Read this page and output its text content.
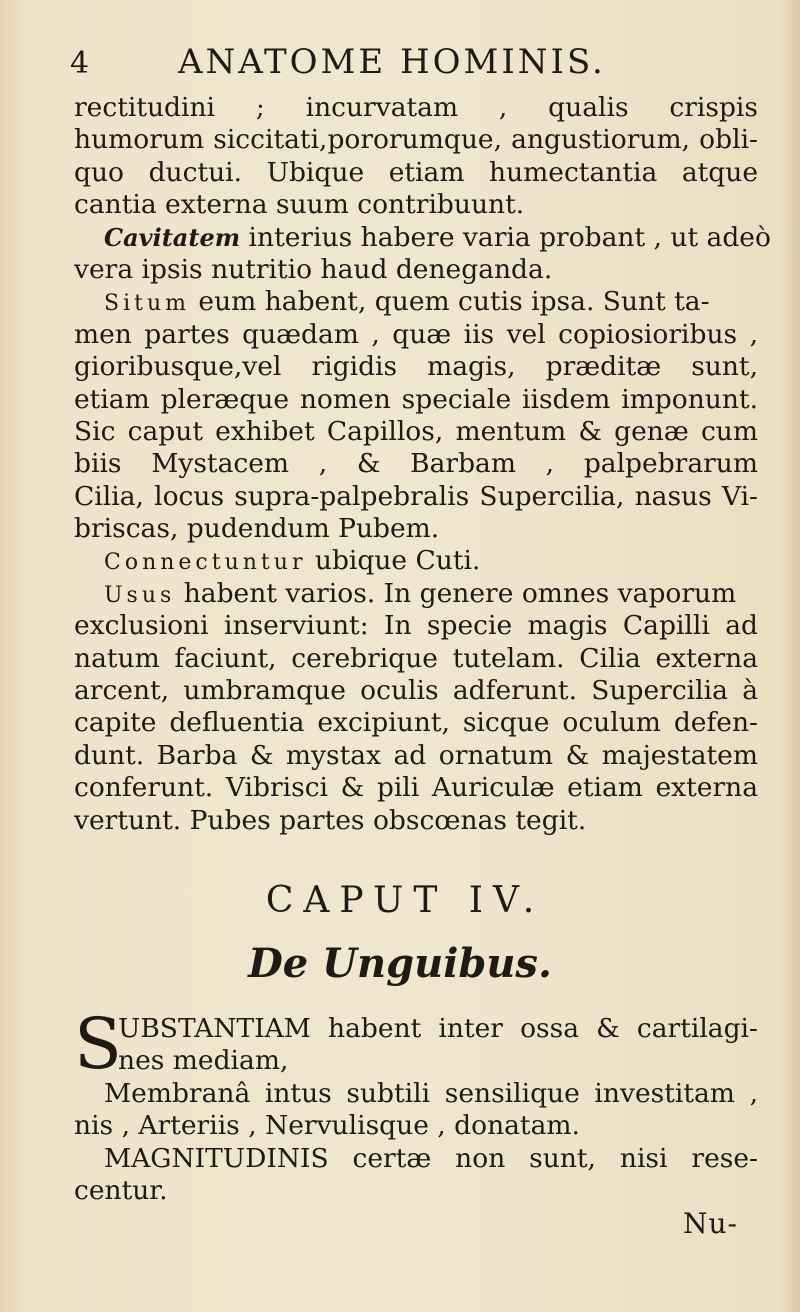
4	ANATOME HOMINIS.
rectitudini ; incurvatam , qualis crispis
humorum siccitati,pororumque, angustiorum, obli-
quo ductui. Ubique etiam humectantia atque
cantia externa suum contribuunt.
Cavitatem interius habere varia probant , ut adeò
vera ipsis nutritio haud deneganda.
Situm eum habent, quem cutis ipsa. Sunt ta-
men partes quædam , quæ iis vel copiosioribus ,
gioribusque,vel rigidis magis, præditæ sunt,
etiam pleræque nomen speciale iisdem imponunt.
Sic caput exhibet Capillos, mentum & genæ cum
biis Mystacem , & Barbam , palpebrarum
Cilia, locus supra-palpebralis Supercilia, nasus Vi-
briscas, pudendum Pubem.
Connectuntur ubique Cuti.
Usus habent varios. In genere omnes vaporum
exclusioni inserviunt: In specie magis Capilli ad
natum faciunt, cerebrique tutelam. Cilia externa
arcent, umbramque oculis adferunt. Supercilia à
capite defluentia excipiunt, sicque oculum defen-
dunt. Barba & mystax ad ornatum & majestatem
conferunt. Vibrisci & pili Auriculæ etiam externa
vertunt. Pubes partes obscœnas tegit.
CAPUT IV.
De Unguibus.
S
UBSTANTIAM habent inter ossa & cartilagi-
nes mediam,
Membranâ intus subtili sensilique investitam ,
nis , Arteriis , Nervulisque , donatam.
MAGNITUDINIS certæ non sunt, nisi rese-
centur.
Nu-
